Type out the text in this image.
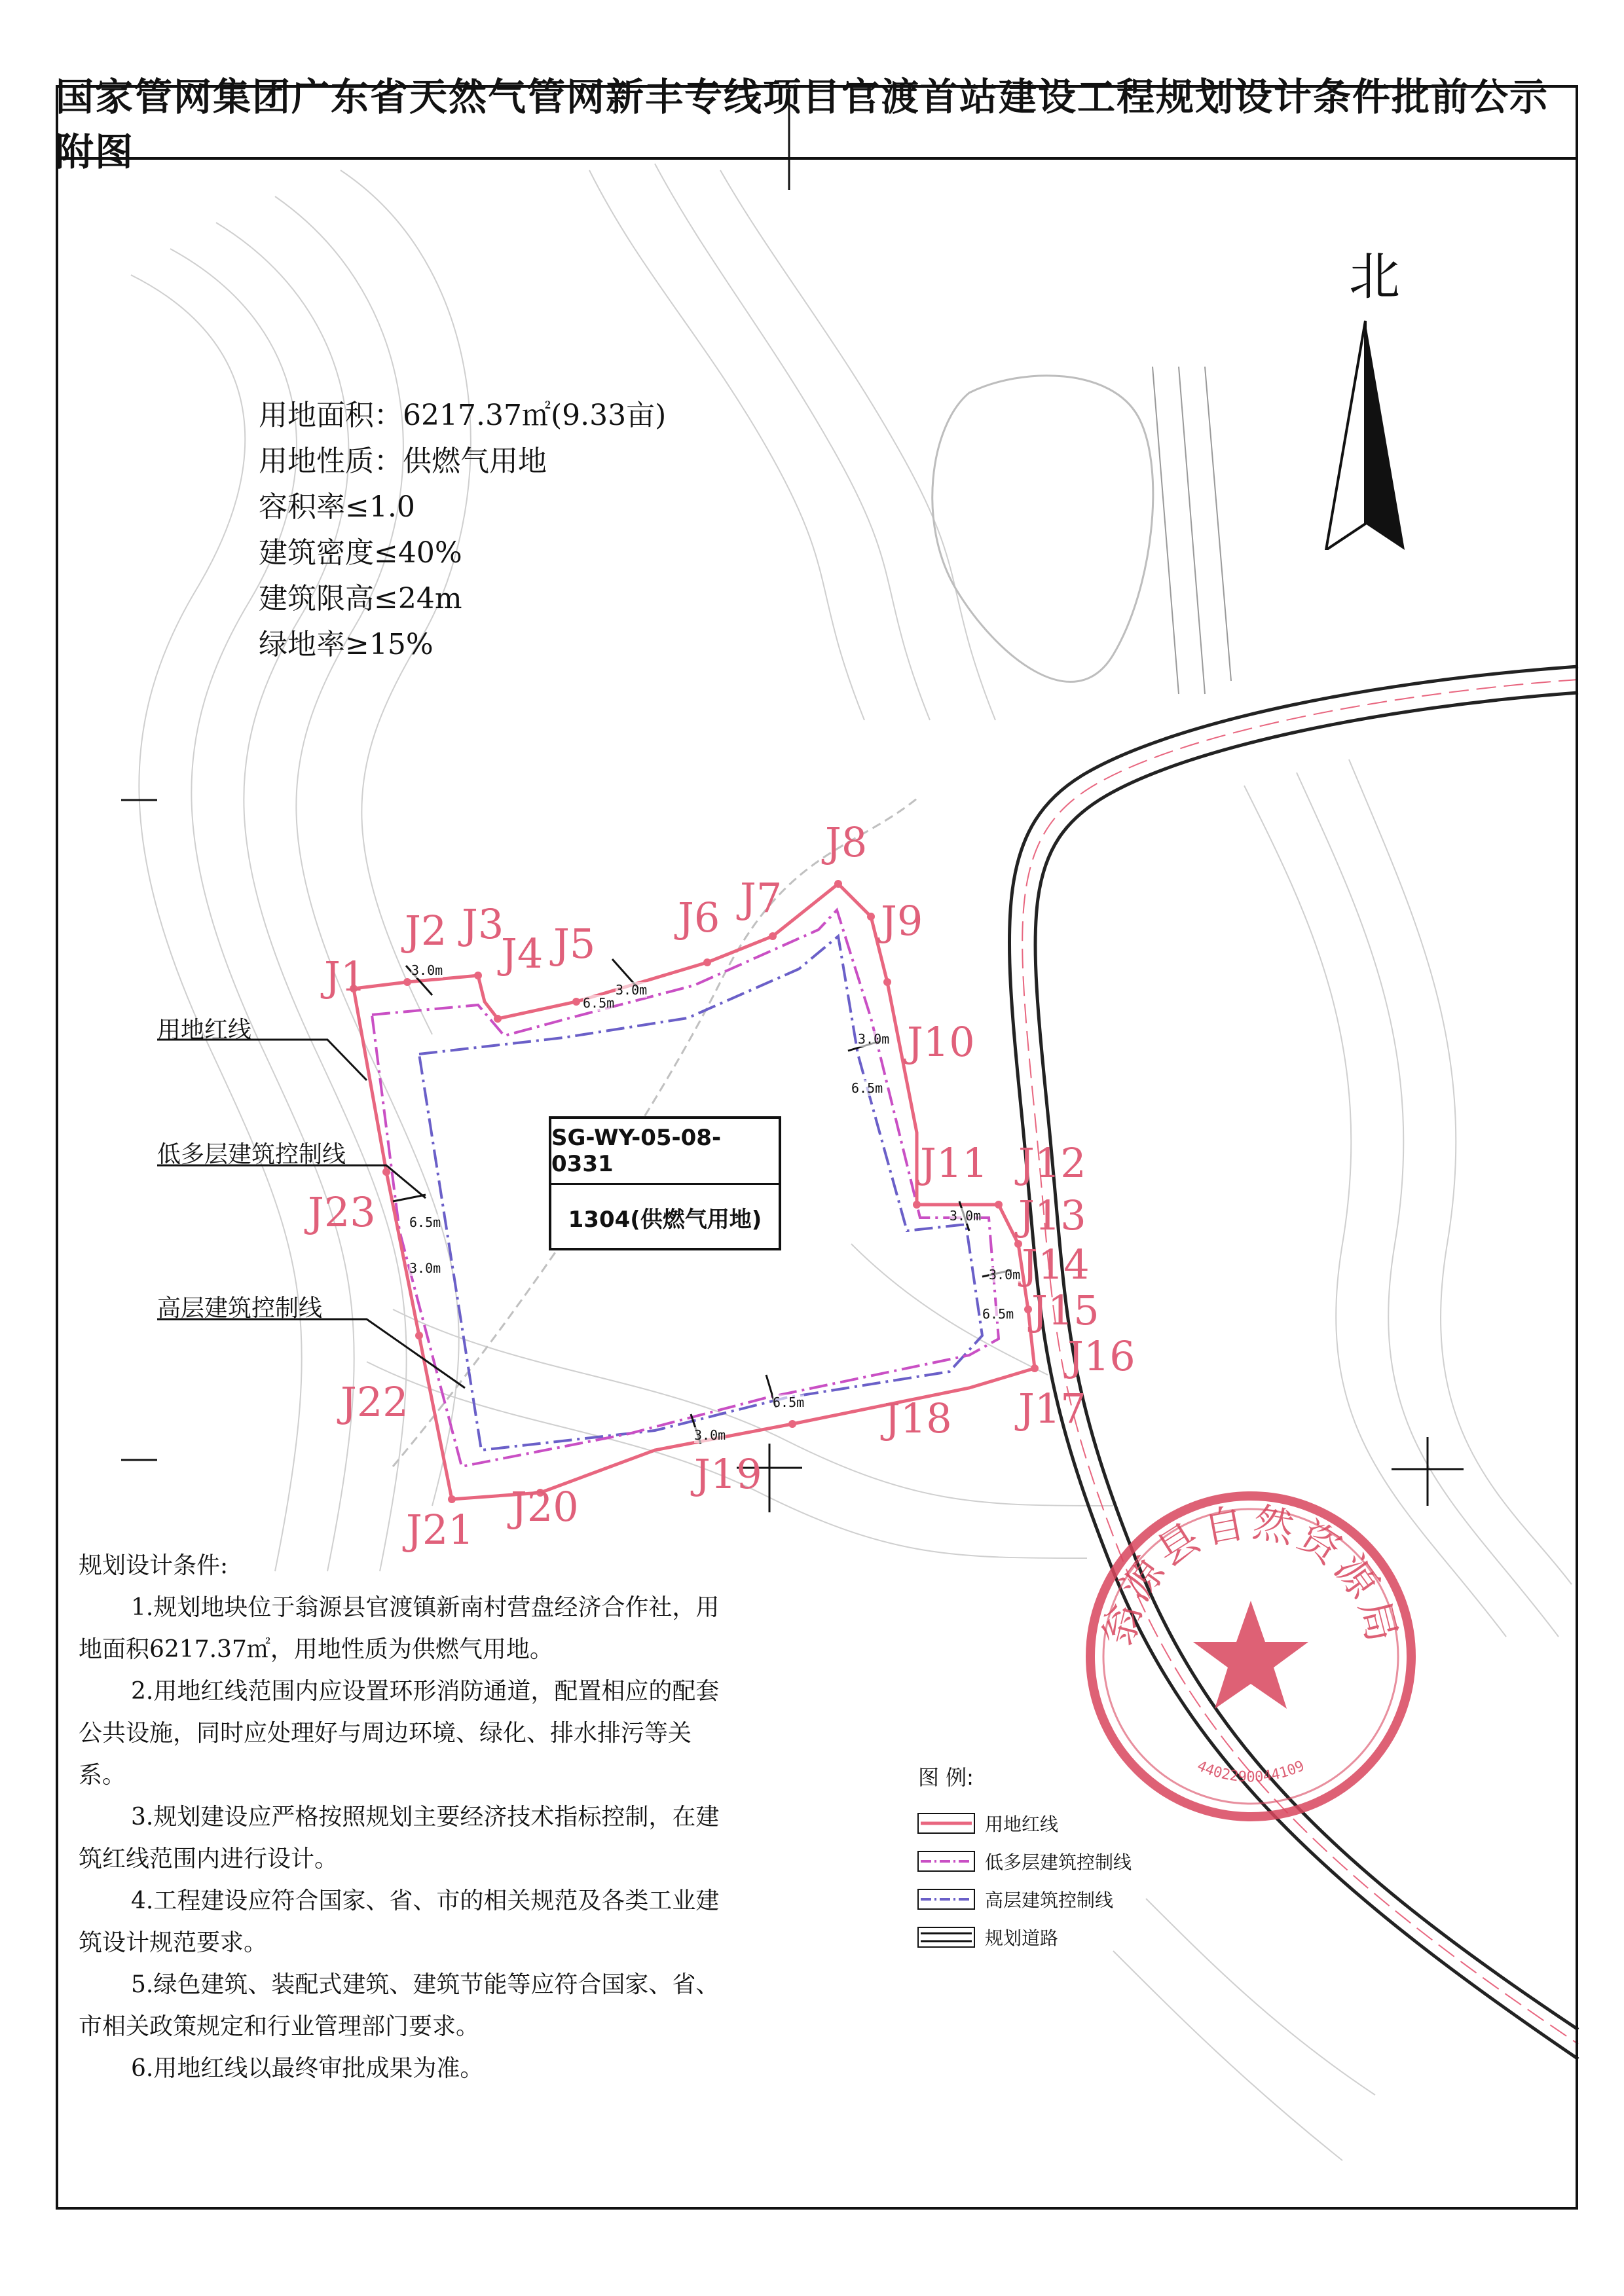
北
国家管网集团广东省天然气管网新丰专线项目官渡首站建设工程规划设计条件批前公示附图
用地面积：6217.37㎡(9.33亩)
用地性质：供燃气用地
容积率≤1.0
建筑密度≤40%
建筑限高≤24m
绿地率≥15%
用地红线
低多层建筑控制线
高层建筑控制线
SG-WY-05-08-0331
1304(供燃气用地)
J1
J2 J3
J4 J5
J6 J7
J8
J9
J10
J11 J12
J13
J14
J15
J16
J17
J18
J19
J20
J21
J22
J23
3.0m
3.0m
6.5m
3.0m
6.5m
6.5m
3.0m
3.0m
6.5m
3.0m
6.5m
3.0m
规划设计条件:
1.规划地块位于翁源县官渡镇新南村营盘经济合作社，用地面积6217.37㎡，用地性质为供燃气用地。
2.用地红线范围内应设置环形消防通道，配置相应的配套公共设施，同时应处理好与周边环境、绿化、排水排污等关系。
3.规划建设应严格按照规划主要经济技术指标控制，在建筑红线范围内进行设计。
4.工程建设应符合国家、省、市的相关规范及各类工业建筑设计规范要求。
5.绿色建筑、装配式建筑、建筑节能等应符合国家、省、市相关政策规定和行业管理部门要求。
6.用地红线以最终审批成果为准。
图 例:
用地红线
低多层建筑控制线
高层建筑控制线
规划道路
翁源县自然资源局
4402290044109
